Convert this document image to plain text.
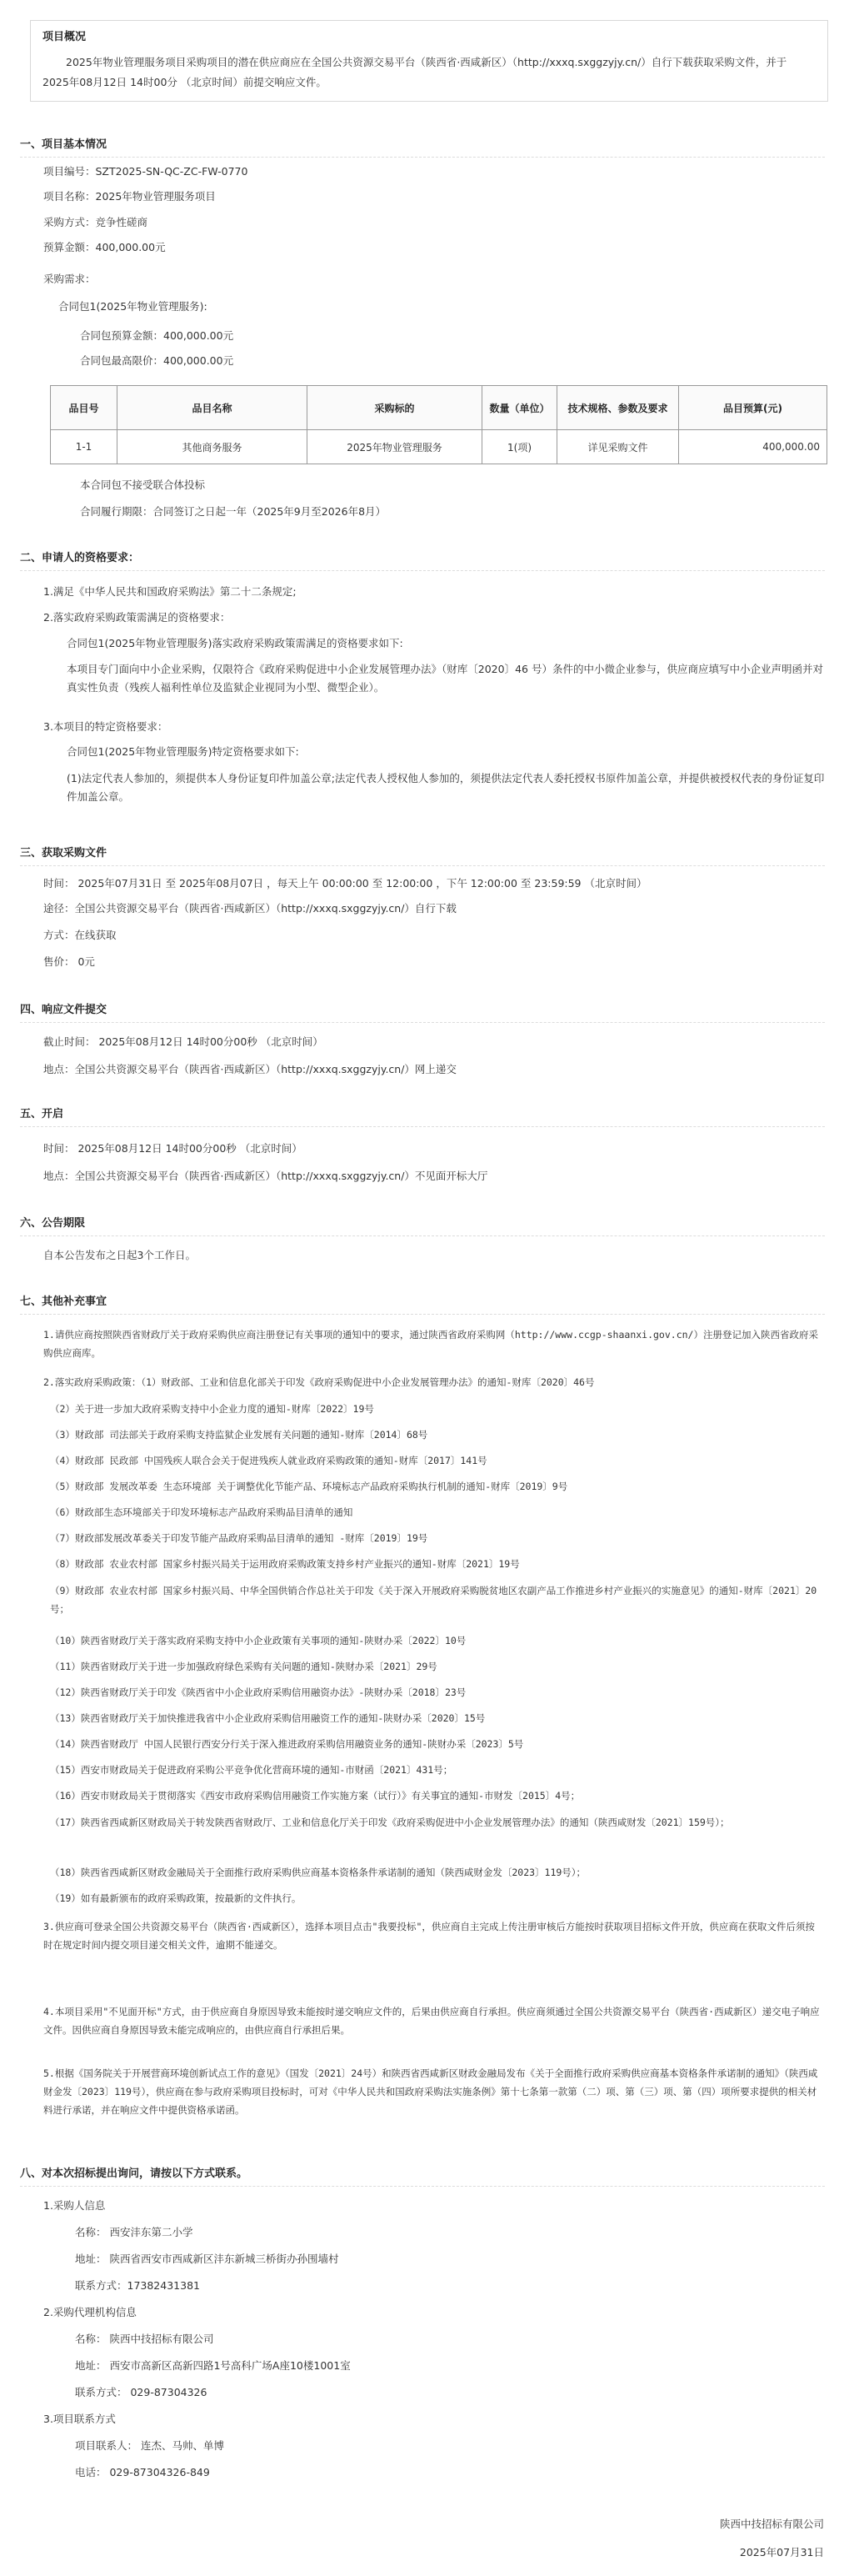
项目概况
2025年物业管理服务项目采购项目的潜在供应商应在全国公共资源交易平台（陕西省·西咸新区）（http://xxxq.sxggzyjy.cn/）自行下载获取采购文件，并于 2025年08月12日 14时00分 （北京时间）前提交响应文件。
一、项目基本情况
项目编号：SZT2025-SN-QC-ZC-FW-0770
项目名称：2025年物业管理服务项目
采购方式：竞争性磋商
预算金额：400,000.00元
采购需求：
合同包1(2025年物业管理服务):
合同包预算金额：400,000.00元
合同包最高限价：400,000.00元
品目号	品目名称	采购标的	数量（单位）	技术规格、参数及要求	品目预算(元)
1-1	其他商务服务	2025年物业管理服务	1(项)	详见采购文件	400,000.00
本合同包不接受联合体投标
合同履行期限：合同签订之日起一年（2025年9月至2026年8月）
二、申请人的资格要求：
1.满足《中华人民共和国政府采购法》第二十二条规定;
2.落实政府采购政策需满足的资格要求：
合同包1(2025年物业管理服务)落实政府采购政策需满足的资格要求如下:
本项目专门面向中小企业采购，仅限符合《政府采购促进中小企业发展管理办法》（财库〔2020〕46 号）条件的中小微企业参与，供应商应填写中小企业声明函并对真实性负责（残疾人福利性单位及监狱企业视同为小型、微型企业）。
3.本项目的特定资格要求：
合同包1(2025年物业管理服务)特定资格要求如下:
(1)法定代表人参加的，须提供本人身份证复印件加盖公章;法定代表人授权他人参加的，须提供法定代表人委托授权书原件加盖公章，并提供被授权代表的身份证复印件加盖公章。
三、获取采购文件
时间： 2025年07月31日 至 2025年08月07日 ，每天上午 00:00:00 至 12:00:00 ，下午 12:00:00 至 23:59:59 （北京时间）
途径：全国公共资源交易平台（陕西省·西咸新区）（http://xxxq.sxggzyjy.cn/）自行下载
方式：在线获取
售价： 0元
四、响应文件提交
截止时间： 2025年08月12日 14时00分00秒 （北京时间）
地点：全国公共资源交易平台（陕西省·西咸新区）（http://xxxq.sxggzyjy.cn/）网上递交
五、开启
时间： 2025年08月12日 14时00分00秒 （北京时间）
地点：全国公共资源交易平台（陕西省·西咸新区）（http://xxxq.sxggzyjy.cn/）不见面开标大厅
六、公告期限
自本公告发布之日起3个工作日。
七、其他补充事宜
1.请供应商按照陕西省财政厅关于政府采购供应商注册登记有关事项的通知中的要求，通过陕西省政府采购网（http://www.ccgp-shaanxi.gov.cn/）注册登记加入陕西省政府采购供应商库。
2.落实政府采购政策：（1）财政部、工业和信息化部关于印发《政府采购促进中小企业发展管理办法》的通知-财库〔2020〕46号
（2）关于进一步加大政府采购支持中小企业力度的通知-财库〔2022〕19号
（3）财政部 司法部关于政府采购支持监狱企业发展有关问题的通知-财库〔2014〕68号
（4）财政部 民政部 中国残疾人联合会关于促进残疾人就业政府采购政策的通知-财库〔2017〕141号
（5）财政部 发展改革委 生态环境部 关于调整优化节能产品、环境标志产品政府采购执行机制的通知-财库〔2019〕9号
（6）财政部生态环境部关于印发环境标志产品政府采购品目清单的通知
（7）财政部发展改革委关于印发节能产品政府采购品目清单的通知 -财库〔2019〕19号
（8）财政部 农业农村部 国家乡村振兴局关于运用政府采购政策支持乡村产业振兴的通知-财库〔2021〕19号
（9）财政部 农业农村部 国家乡村振兴局、中华全国供销合作总社关于印发《关于深入开展政府采购脱贫地区农副产品工作推进乡村产业振兴的实施意见》的通知-财库〔2021〕20号；
（10）陕西省财政厅关于落实政府采购支持中小企业政策有关事项的通知-陕财办采〔2022〕10号
（11）陕西省财政厅关于进一步加强政府绿色采购有关问题的通知-陕财办采〔2021〕29号
（12）陕西省财政厅关于印发《陕西省中小企业政府采购信用融资办法》-陕财办采〔2018〕23号
（13）陕西省财政厅关于加快推进我省中小企业政府采购信用融资工作的通知-陕财办采〔2020〕15号
（14）陕西省财政厅 中国人民银行西安分行关于深入推进政府采购信用融资业务的通知-陕财办采〔2023〕5号
（15）西安市财政局关于促进政府采购公平竞争优化营商环境的通知-市财函〔2021〕431号；
（16）西安市财政局关于贯彻落实《西安市政府采购信用融资工作实施方案（试行）》有关事宜的通知-市财发〔2015〕4号；
（17）陕西省西咸新区财政局关于转发陕西省财政厅、工业和信息化厅关于印发《政府采购促进中小企业发展管理办法》的通知（陕西咸财发〔2021〕159号）；
（18）陕西省西咸新区财政金融局关于全面推行政府采购供应商基本资格条件承诺制的通知（陕西咸财金发〔2023〕119号）；
（19）如有最新颁布的政府采购政策，按最新的文件执行。
3.供应商可登录全国公共资源交易平台（陕西省·西咸新区），选择本项目点击"我要投标"，供应商自主完成上传注册审核后方能按时获取项目招标文件开放，供应商在获取文件后须按时在规定时间内提交项目递交相关文件，逾期不能递交。
4.本项目采用"不见面开标"方式，由于供应商自身原因导致未能按时递交响应文件的，后果由供应商自行承担。供应商须通过全国公共资源交易平台（陕西省·西咸新区）递交电子响应文件。因供应商自身原因导致未能完成响应的，由供应商自行承担后果。
5.根据《国务院关于开展营商环境创新试点工作的意见》（国发〔2021〕24号）和陕西省西咸新区财政金融局发布《关于全面推行政府采购供应商基本资格条件承诺制的通知》（陕西咸财金发〔2023〕119号），供应商在参与政府采购项目投标时，可对《中华人民共和国政府采购法实施条例》第十七条第一款第（二）项、第（三）项、第（四）项所要求提供的相关材料进行承诺，并在响应文件中提供资格承诺函。
八、对本次招标提出询问，请按以下方式联系。
1.采购人信息
名称： 西安沣东第二小学
地址： 陕西省西安市西咸新区沣东新城三桥街办孙围墙村
联系方式：17382431381
2.采购代理机构信息
名称： 陕西中技招标有限公司
地址： 西安市高新区高新四路1号高科广场A座10楼1001室
联系方式： 029-87304326
3.项目联系方式
项目联系人： 连杰、马帅、单博
电话： 029-87304326-849
陕西中技招标有限公司
2025年07月31日
